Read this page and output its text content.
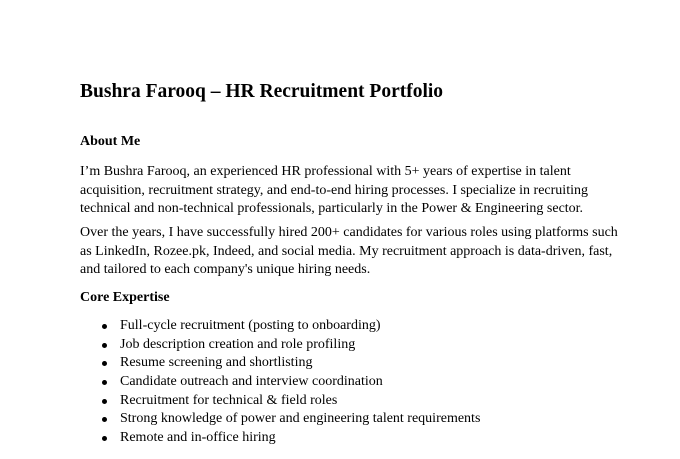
Bushra Farooq – HR Recruitment Portfolio
About Me

I’m Bushra Farooq, an experienced HR professional with 5+ years of expertise in talent
acquisition, recruitment strategy, and end-to-end hiring processes. I specialize in recruiting
technical and non-technical professionals, particularly in the Power & Engineering sector.

Over the years, I have successfully hired 200+ candidates for various roles using platforms such
as LinkedIn, Rozee.pk, Indeed, and social media. My recruitment approach is data-driven, fast,
and tailored to each company's unique hiring needs.

Core Expertise
Full-cycle recruitment (posting to onboarding)
Job description creation and role profiling
Resume screening and shortlisting
Candidate outreach and interview coordination
Recruitment for technical & field roles
Strong knowledge of power and engineering talent requirements
Remote and in-office hiring
